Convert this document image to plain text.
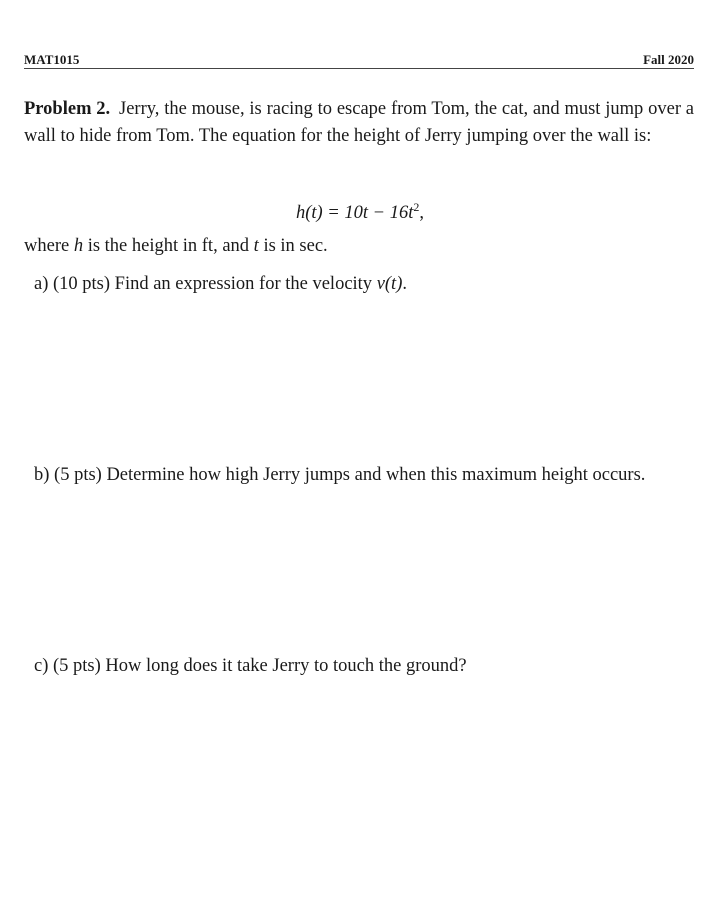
MAT1015	Fall 2020
Problem 2. Jerry, the mouse, is racing to escape from Tom, the cat, and must jump over a wall to hide from Tom. The equation for the height of Jerry jumping over the wall is:
$h(t) = 10t - 16t^2$,
where h is the height in ft, and t is in sec.
a) (10 pts) Find an expression for the velocity v(t).
b) (5 pts) Determine how high Jerry jumps and when this maximum height occurs.
c) (5 pts) How long does it take Jerry to touch the ground?
